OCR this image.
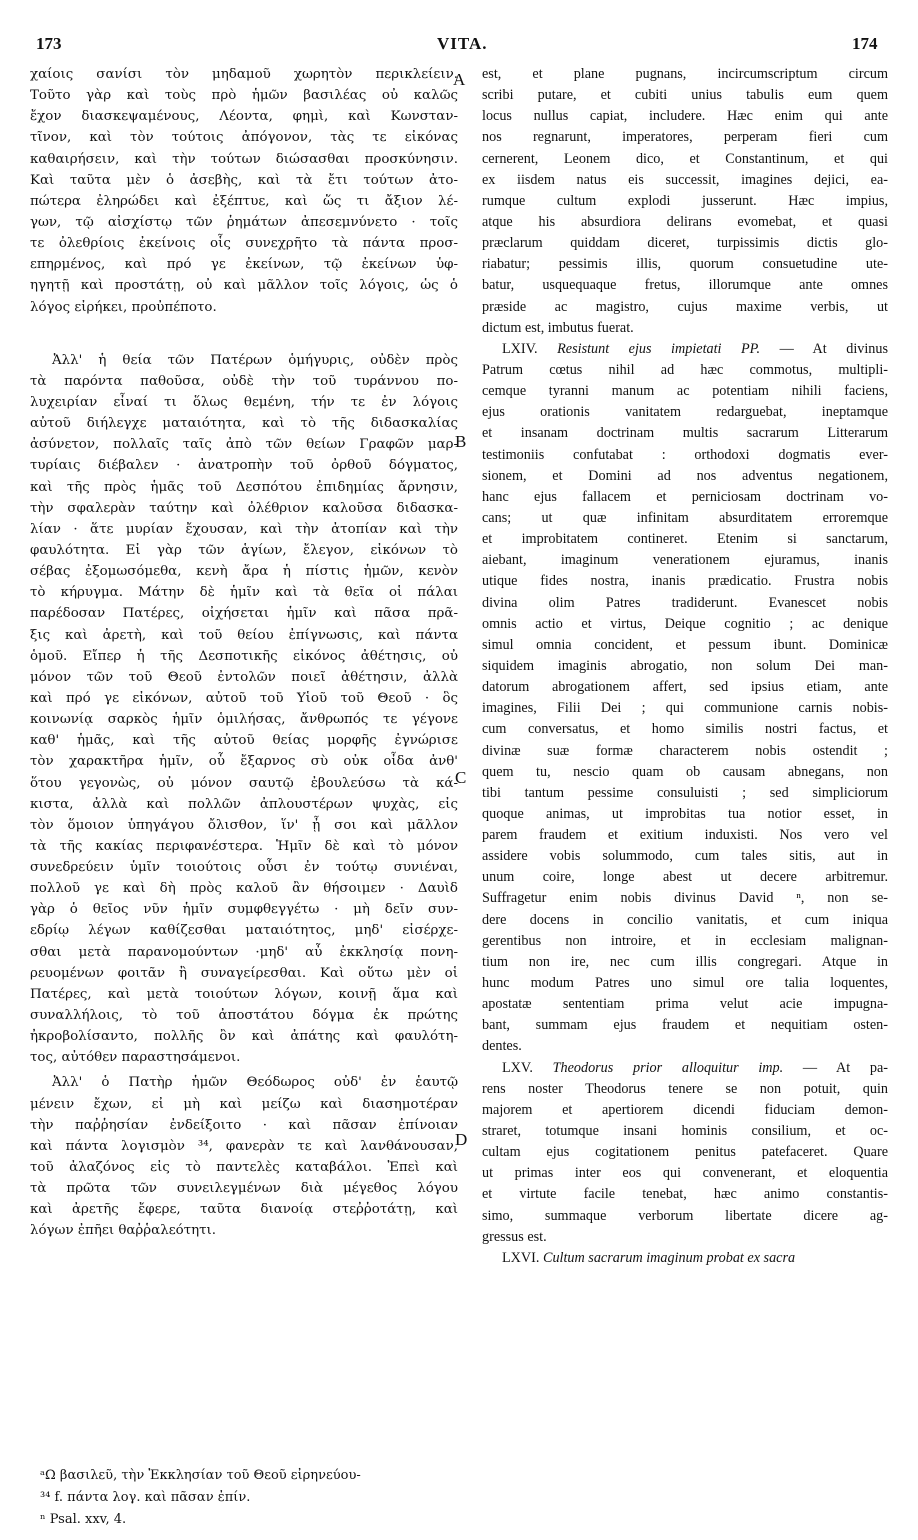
173	VITA.	174
A
B
C
D
χαίοις σανίσι τὸν μηδαμοῦ χωρητὸν περικλείειν.
Τοῦτο γὰρ καὶ τοὺς πρὸ ἡμῶν βασιλέας οὐ καλῶς
ἔχον διασκεψαμένους, Λέοντα, φημὶ, καὶ Κωνσταν-
τῖνον, καὶ τὸν τούτοις ἀπόγονον, τὰς τε εἰκόνας
καθαιρήσειν, καὶ τὴν τούτων διώσασθαι προσκύνησιν.
Καὶ ταῦτα μὲν ὁ ἀσεβὴς, καὶ τὰ ἔτι τούτων ἀτο-
πώτερα ἐληρώδει καὶ ἐξέπτυε, καὶ ὥς τι ἄξιον λέ-
γων, τῷ αἰσχίστῳ τῶν ῥημάτων ἀπεσεμνύνετο · τοῖς
τε ὀλεθρίοις ἐκείνοις οἷς συνεχρῆτο τὰ πάντα προσ-
επηρμένος, καὶ πρό γε ἐκείνων, τῷ ἐκείνων ὑφ-
ηγητῇ καὶ προστάτῃ, οὐ καὶ μᾶλλον τοῖς λόγοις, ὡς ὁ
λόγος εἰρήκει, προὐπέποτο.
Ἀλλ' ἡ θεία τῶν Πατέρων ὁμήγυρις, οὐδὲν πρὸς
τὰ παρόντα παθοῦσα, οὐδὲ τὴν τοῦ τυράννου πο-
λυχειρίαν εἶναί τι ὅλως θεμένη, τήν τε ἐν λόγοις
αὐτοῦ διήλεγχε ματαιότητα, καὶ τὸ τῆς διδασκαλίας
ἀσύνετον, πολλαῖς ταῖς ἀπὸ τῶν θείων Γραφῶν μαρ-
τυρίαις διέβαλεν · ἀνατροπὴν τοῦ ὀρθοῦ δόγματος,
καὶ τῆς πρὸς ἡμᾶς τοῦ Δεσπότου ἐπιδημίας ἄρνησιν,
τὴν σφαλερὰν ταύτην καὶ ὀλέθριον καλοῦσα διδασκα-
λίαν · ἅτε μυρίαν ἔχουσαν, καὶ τὴν ἀτοπίαν καὶ τὴν
φαυλότητα. Εἰ γὰρ τῶν ἁγίων, ἔλεγον, εἰκόνων τὸ
σέβας ἐξομωσόμεθα, κενὴ ἄρα ἡ πίστις ἡμῶν, κενὸν
τὸ κήρυγμα. Μάτην δὲ ἡμῖν καὶ τὰ θεῖα οἱ πάλαι
παρέδοσαν Πατέρες, οἰχήσεται ἡμῖν καὶ πᾶσα πρᾶ-
ξις καὶ ἀρετὴ, καὶ τοῦ θείου ἐπίγνωσις, καὶ πάντα
ὁμοῦ. Εἴπερ ἡ τῆς Δεσποτικῆς εἰκόνος ἀθέτησις, οὐ
μόνον τῶν τοῦ Θεοῦ ἐντολῶν ποιεῖ ἀθέτησιν, ἀλλὰ
καὶ πρό γε εἰκόνων, αὐτοῦ τοῦ Υἱοῦ τοῦ Θεοῦ · ὃς
κοινωνίᾳ σαρκὸς ἡμῖν ὁμιλήσας, ἄνθρωπός τε γέγονε
καθ' ἡμᾶς, καὶ τῆς αὐτοῦ θείας μορφῆς ἐγνώρισε
τὸν χαρακτῆρα ἡμῖν, οὗ ἔξαρνος σὺ οὐκ οἶδα ἀνθ'
ὅτου γεγονὼς, οὐ μόνον σαυτῷ ἐβουλεύσω τὰ κά-
κιστα, ἀλλὰ καὶ πολλῶν ἀπλουστέρων ψυχὰς, εἰς
τὸν ὅμοιον ὑπηγάγου ὄλισθον, ἵν' ᾖ σοι καὶ μᾶλλον
τὰ τῆς κακίας περιφανέστερα. Ἡμῖν δὲ καὶ τὸ μόνον
συνεδρεύειν ὑμῖν τοιούτοις οὖσι ἐν τούτῳ συνιέναι,
πολλοῦ γε καὶ δὴ πρὸς καλοῦ ἂν θήσοιμεν · Δαυὶδ
γὰρ ὁ θεῖος νῦν ἡμῖν συμφθεγγέτω · μὴ δεῖν συν-
εδρίῳ λέγων καθίζεσθαι ματαιότητος, μηδ' εἰσέρχε-
σθαι μετὰ παρανομούντων ·μηδ' αὖ ἐκκλησίᾳ πονη-
ρευομένων φοιτᾶν ἢ συναγείρεσθαι. Καὶ οὕτω μὲν οἱ
Πατέρες, καὶ μετὰ τοιούτων λόγων, κοινῇ ἅμα καὶ
συναλλήλοις, τὸ τοῦ ἀποστάτου δόγμα ἐκ πρώτης
ἠκροβολίσαντο, πολλῆς ὂν καὶ ἀπάτης καὶ φαυλότη-
τος, αὐτόθεν παραστησάμενοι.
Ἀλλ' ὁ Πατὴρ ἡμῶν Θεόδωρος οὐδ' ἐν ἑαυτῷ
μένειν ἔχων, εἰ μὴ καὶ μείζω καὶ διασημοτέραν
τὴν παῤῥησίαν ἐνδείξοιτο · καὶ πᾶσαν ἐπίνοιαν
καὶ πάντα λογισμὸν ³⁴, φανερὰν τε καὶ λανθάνουσαν,
τοῦ ἀλαζόνος εἰς τὸ παντελὲς καταβάλοι. Ἐπεὶ καὶ
τὰ πρῶτα τῶν συνειλεγμένων διὰ μέγεθος λόγου
καὶ ἀρετῆς ἔφερε, ταῦτα διανοίᾳ στεῤῥοτάτῃ, καὶ
λόγων ἐπῆει θαῤῥαλεότητι.
est, et plane pugnans, incircumscriptum circum
scribi putare, et cubiti unius tabulis eum quem
locus nullus capiat, includere. Hæc enim qui ante
nos regnarunt, imperatores, perperam fieri cum
cernerent, Leonem dico, et Constantinum, et qui
ex iisdem natus eis successit, imagines dejici, ea-
rumque cultum explodi jusserunt. Hæc impius,
atque his absurdiora delirans evomebat, et quasi
præclarum quiddam diceret, turpissimis dictis glo-
riabatur; pessimis illis, quorum consuetudine ute-
batur, usquequaque fretus, illorumque ante omnes
præside ac magistro, cujus maxime verbis, ut
dictum est, imbutus fuerat.
LXIV. Resistunt ejus impietati PP. — At divinus
Patrum cœtus nihil ad hæc commotus, multipli-
cemque tyranni manum ac potentiam nihili faciens,
ejus orationis vanitatem redarguebat, ineptamque
et insanam doctrinam multis sacrarum Litterarum
testimoniis confutabat : orthodoxi dogmatis ever-
sionem, et Domini ad nos adventus negationem,
hanc ejus fallacem et perniciosam doctrinam vo-
cans; ut quæ infinitam absurditatem erroremque
et improbitatem contineret. Etenim si sanctarum,
aiebant, imaginum venerationem ejuramus, inanis
utique fides nostra, inanis prædicatio. Frustra nobis
divina olim Patres tradiderunt. Evanescet nobis
omnis actio et virtus, Deique cognitio ; ac denique
simul omnia concident, et pessum ibunt. Dominicæ
siquidem imaginis abrogatio, non solum Dei man-
datorum abrogationem affert, sed ipsius etiam, ante
imagines, Filii Dei ; qui communione carnis nobis-
cum conversatus, et homo similis nostri factus, et
divinæ suæ formæ characterem nobis ostendit ;
quem tu, nescio quam ob causam abnegans, non
tibi tantum pessime consuluisti ; sed simpliciorum
quoque animas, ut improbitas tua notior esset, in
parem fraudem et exitium induxisti. Nos vero vel
assidere vobis solummodo, cum tales sitis, aut in
unum coire, longe abest ut decere arbitremur.
Suffragetur enim nobis divinus David ⁿ, non se-
dere docens in concilio vanitatis, et cum iniqua
gerentibus non introire, et in ecclesiam malignan-
tium non ire, nec cum illis congregari. Atque in
hunc modum Patres uno simul ore talia loquentes,
apostatæ sententiam prima velut acie impugna-
bant, summam ejus fraudem et nequitiam osten-
dentes.
LXV. Theodorus prior alloquitur imp. — At pa-
rens noster Theodorus tenere se non potuit, quin
majorem et apertiorem dicendi fiduciam demon-
straret, totumque insani hominis consilium, et oc-
cultam ejus cogitationem penitus patefaceret. Quare
ut primas inter eos qui convenerant, et eloquentia
et virtute facile tenebat, hæc animo constantis-
simo, summaque verborum libertate dicere ag-
gressus est.
LXVI. Cultum sacrarum imaginum probat ex sacra
ᵃΩ βασιλεῦ, τὴν Ἐκκλησίαν τοῦ Θεοῦ εἰρηνεύου-
³⁴ f. πάντα λογ. καὶ πᾶσαν ἐπίν.
ⁿ Psal. xxv, 4.
